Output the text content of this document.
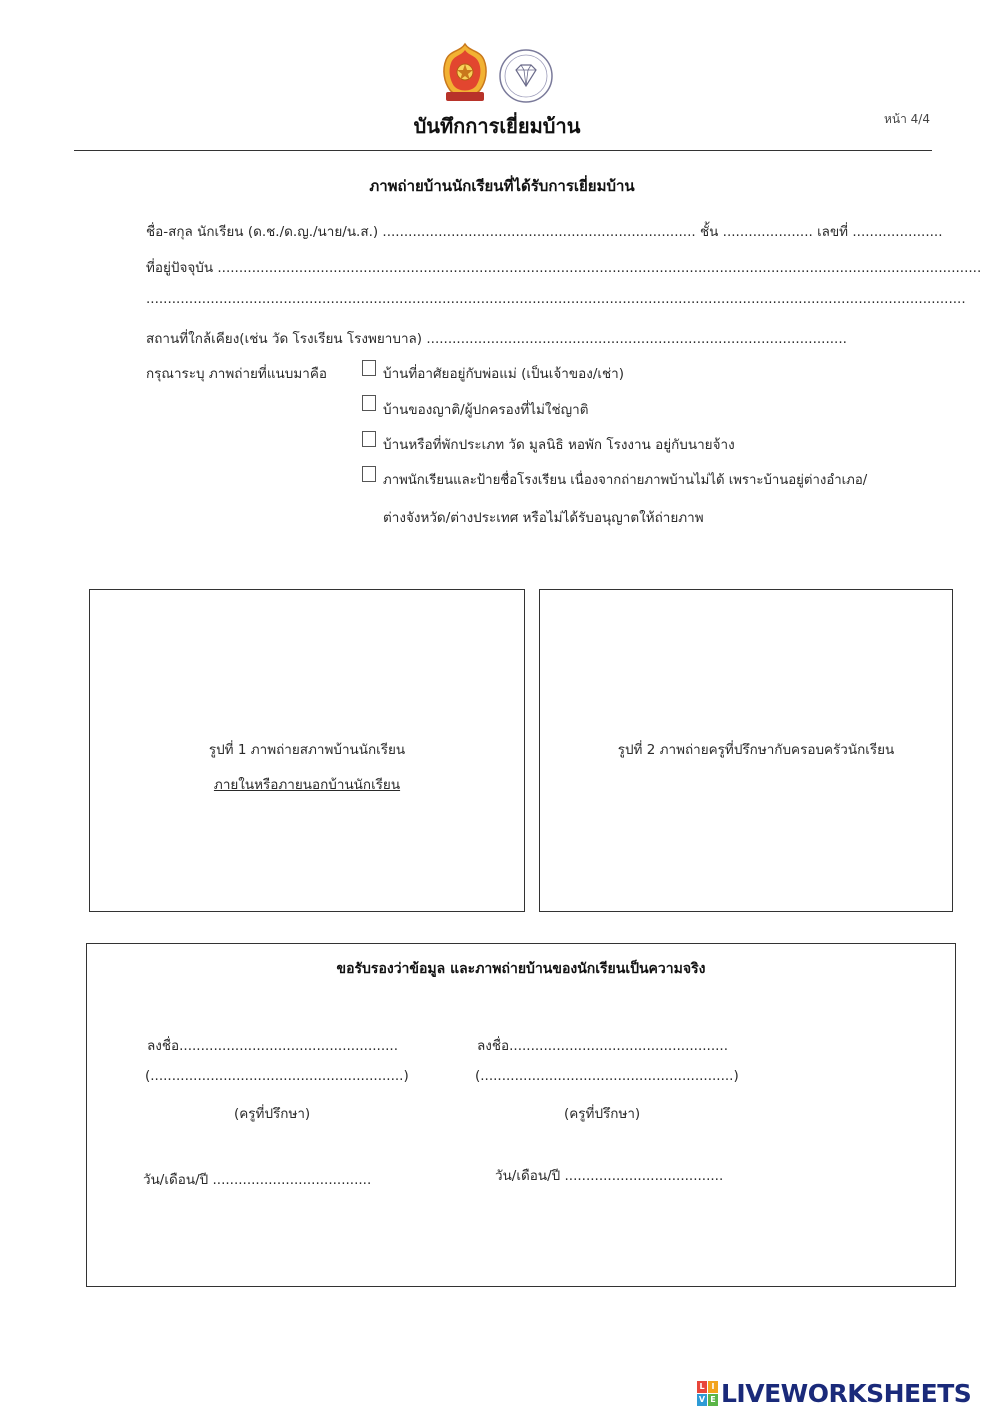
บันทึกการเยี่ยมบ้าน	หน้า 4/4
ภาพถ่ายบ้านนักเรียนที่ได้รับการเยี่ยมบ้าน
ชื่อ-สกุล นักเรียน (ด.ช./ด.ญ./นาย/น.ส.) ......................................................................... ชั้น ..................... เลขที่ .....................
ที่อยู่ปัจจุบัน ..................................................................................................................................................................................
...............................................................................................................................................................................................
สถานที่ใกล้เคียง(เช่น วัด โรงเรียน โรงพยาบาล) ..................................................................................................
กรุณาระบุ ภาพถ่ายที่แนบมาคือ	บ้านที่อาศัยอยู่กับพ่อแม่ (เป็นเจ้าของ/เช่า)
บ้านของญาติ/ผู้ปกครองที่ไม่ใช่ญาติ
บ้านหรือที่พักประเภท วัด มูลนิธิ หอพัก โรงงาน อยู่กับนายจ้าง
ภาพนักเรียนและป้ายชื่อโรงเรียน เนื่องจากถ่ายภาพบ้านไม่ได้ เพราะบ้านอยู่ต่างอำเภอ/
ต่างจังหวัด/ต่างประเทศ หรือไม่ได้รับอนุญาตให้ถ่ายภาพ
รูปที่ 1 ภาพถ่ายสภาพบ้านนักเรียน
ภายในหรือภายนอกบ้านนักเรียน
รูปที่ 2 ภาพถ่ายครูที่ปรึกษากับครอบครัวนักเรียน
ขอรับรองว่าข้อมูล และภาพถ่ายบ้านของนักเรียนเป็นความจริง
ลงชื่อ...................................................	ลงชื่อ...................................................
(...........................................................)	(...........................................................)
(ครูที่ปรึกษา)	(ครูที่ปรึกษา)
วัน/เดือน/ปี .....................................	วัน/เดือน/ปี .....................................
L I
V E LIVEWORKSHEETS
